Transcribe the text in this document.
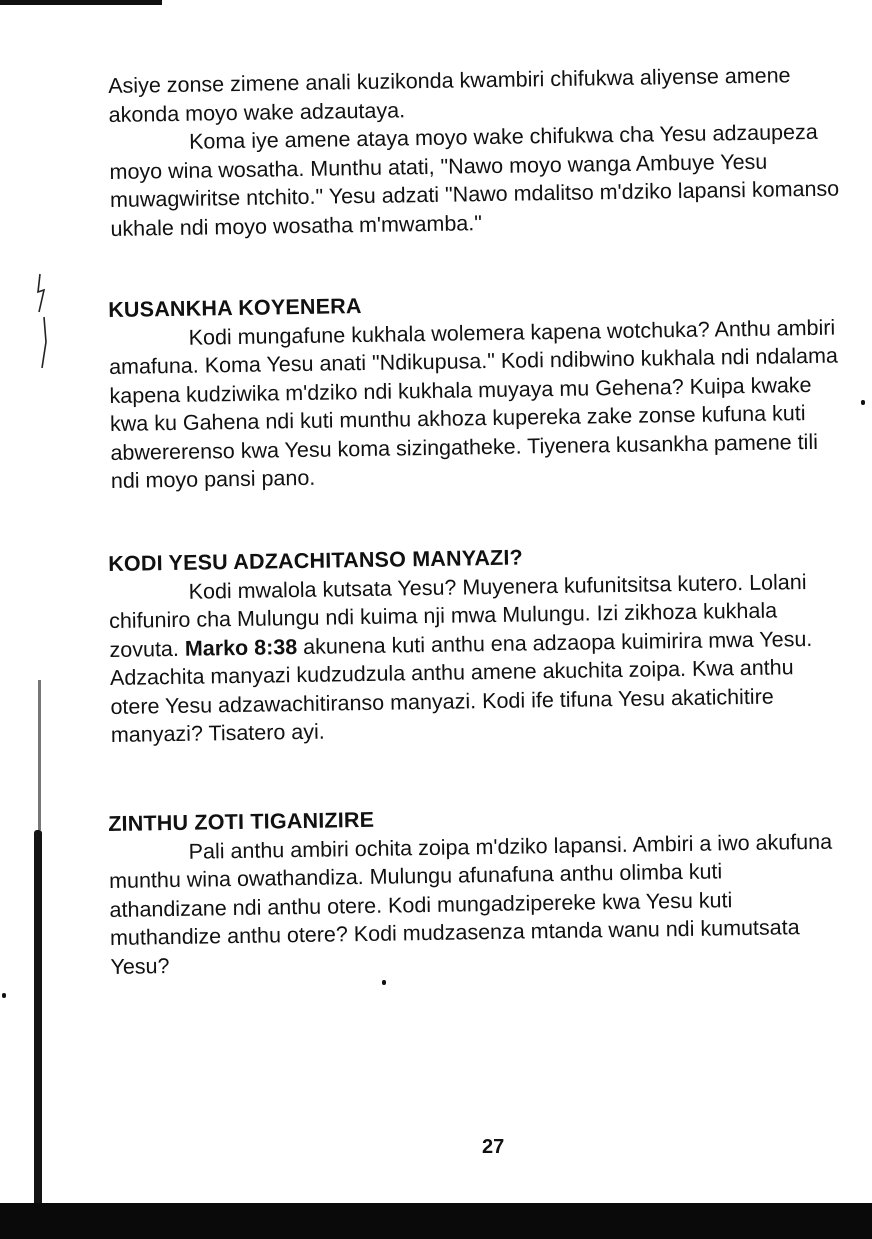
Asiye zonse zimene anali kuzikonda kwambiri chifukwa aliyense amene akonda moyo wake adzautaya.

Koma iye amene ataya moyo wake chifukwa cha Yesu adzaupeza moyo wina wosatha. Munthu atati, "Nawo moyo wanga Ambuye Yesu muwagwiritse ntchito." Yesu adzati "Nawo mdalitso m'dziko lapansi komanso ukhale ndi moyo wosatha m'mwamba."

KUSANKHA KOYENERA

Kodi mungafune kukhala wolemera kapena wotchuka? Anthu ambiri amafuna. Koma Yesu anati "Ndikupusa." Kodi ndibwino kukhala ndi ndalama kapena kudziwika m'dziko ndi kukhala muyaya mu Gehena? Kuipa kwake kwa ku Gahena ndi kuti munthu akhoza kupereka zake zonse kufuna kuti abwererenso kwa Yesu koma sizingatheke. Tiyenera kusankha pamene tili ndi moyo pansi pano.

KODI YESU ADZACHITANSO MANYAZI?

Kodi mwalola kutsata Yesu? Muyenera kufunitsitsa kutero. Lolani chifuniro cha Mulungu ndi kuima nji mwa Mulungu. Izi zikhoza kukhala zovuta. Marko 8:38 akunena kuti anthu ena adzaopa kuimirira mwa Yesu. Adzachita manyazi kudzudzula anthu amene akuchita zoipa. Kwa anthu otere Yesu adzawachitiranso manyazi. Kodi ife tifuna Yesu akatichitire manyazi? Tisatero ayi.

ZINTHU ZOTI TIGANIZIRE

Pali anthu ambiri ochita zoipa m'dziko lapansi. Ambiri a iwo akufuna munthu wina owathandiza. Mulungu afunafuna anthu olimba kuti athandizane ndi anthu otere. Kodi mungadzipereke kwa Yesu kuti muthandize anthu otere? Kodi mudzasenza mtanda wanu ndi kumutsata Yesu?

27
